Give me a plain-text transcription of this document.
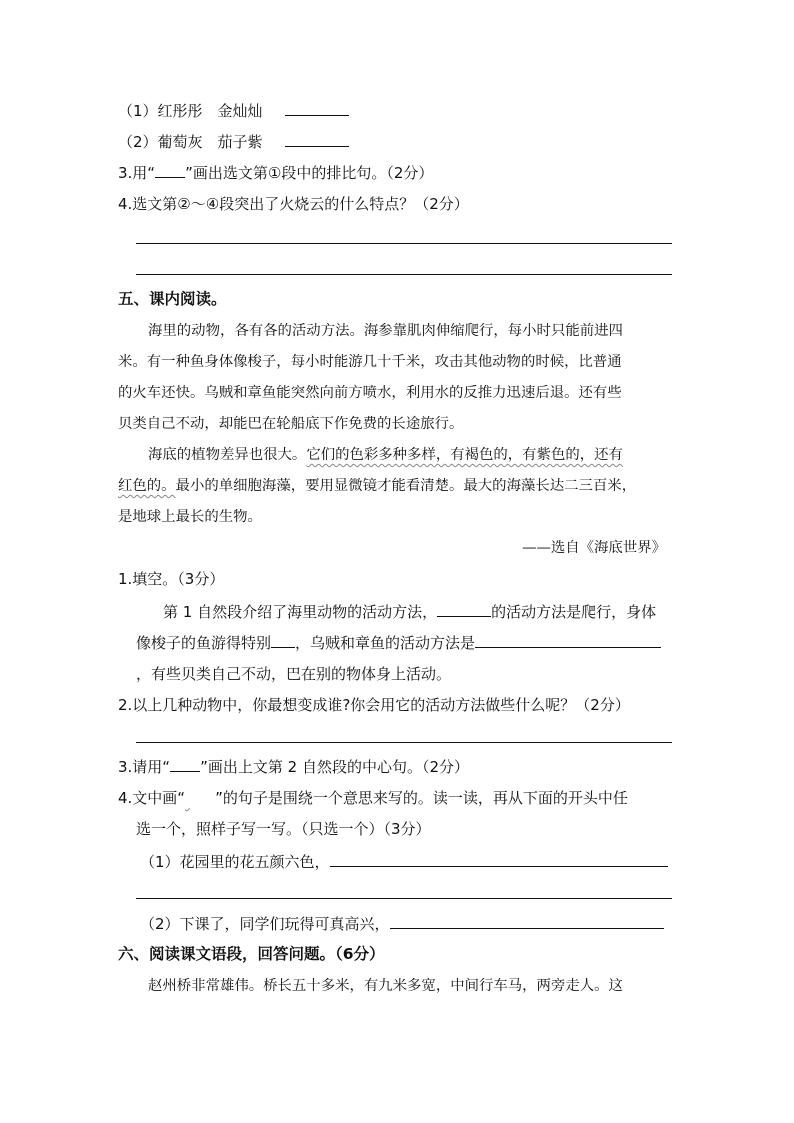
（1）红彤彤　金灿灿
（2）葡萄灰　茄子紫
3.用“ ”画出选文第①段中的排比句。（2分）
4.选文第②～④段突出了火烧云的什么特点？（2分）
五、课内阅读。
海里的动物，各有各的活动方法。海参靠肌肉伸缩爬行，每小时只能前进四
米。有一种鱼身体像梭子，每小时能游几十千米，攻击其他动物的时候，比普通
的火车还快。乌贼和章鱼能突然向前方喷水，利用水的反推力迅速后退。还有些
贝类自己不动，却能巴在轮船底下作免费的长途旅行。
海底的植物差异也很大。它们的色彩多种多样，有褐色的，有紫色的，还有
红色的。最小的单细胞海藻，要用显微镜才能看清楚。最大的海藻长达二三百米，
是地球上最长的生物。
——选自《海底世界》
1.填空。（3分）
第 1 自然段介绍了海里动物的活动方法，	的活动方法是爬行，身体
像梭子的鱼游得特别 ，乌贼和章鱼的活动方法是
，有些贝类自己不动，巴在别的物体身上活动。
2.以上几种动物中，你最想变成谁?你会用它的活动方法做些什么呢？（2分）
3.请用“ ”画出上文第 2 自然段的中心句。（2分）
4.文中画“ ”的句子是围绕一个意思来写的。读一读，再从下面的开头中任
选一个，照样子写一写。（只选一个）（3分）
（1）花园里的花五颜六色，
（2）下课了，同学们玩得可真高兴，
六、阅读课文语段，回答问题。（6分）
赵州桥非常雄伟。桥长五十多米，有九米多宽，中间行车马，两旁走人。这
